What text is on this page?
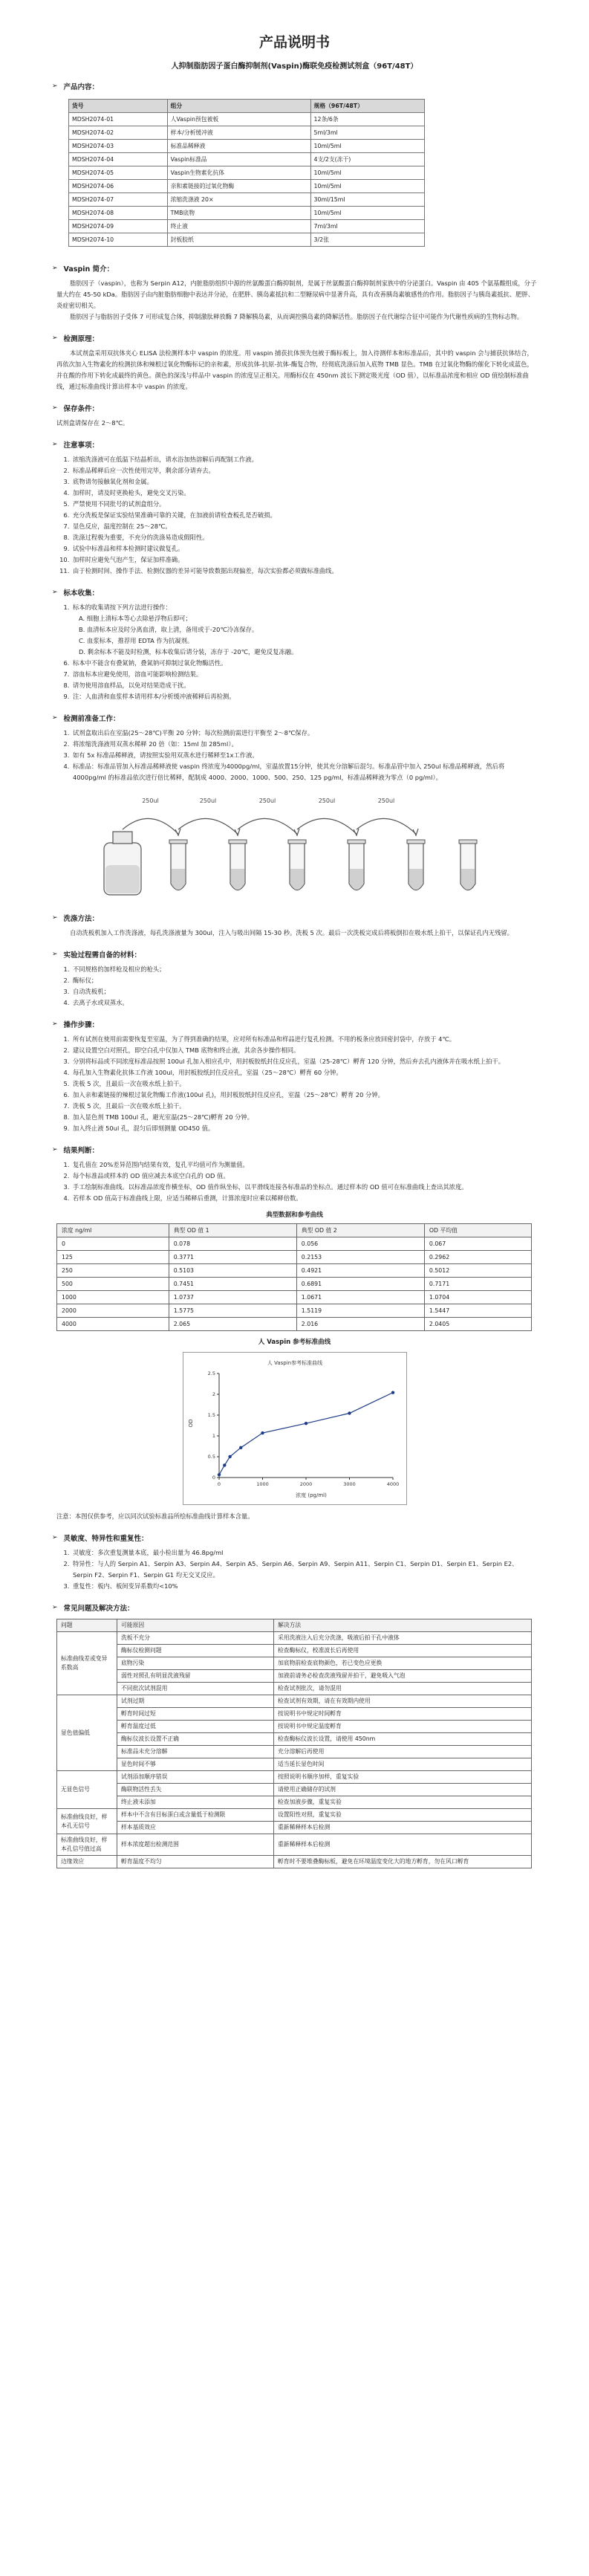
产品说明书
人抑制脂肪因子蛋白酶抑制剂(Vaspin)酶联免疫检测试剂盒（96T/48T）
➢ 产品内容：
货号	组分	规格（96T/48T）
MDSH2074-01	人Vaspin预包被板	12条/6条
MDSH2074-02	样本/分析缓冲液	5ml/3ml
MDSH2074-03	标准品稀释液	10ml/5ml
MDSH2074-04	Vaspin标准品	4支/2支(冻干)
MDSH2074-05	Vaspin生物素化抗体	10ml/5ml
MDSH2074-06	亲和素链接的过氧化物酶	10ml/5ml
MDSH2074-07	浓缩洗涤液 20×	30ml/15ml
MDSH2074-08	TMB底物	10ml/5ml
MDSH2074-09	终止液	7ml/3ml
MDSH2074-10	封板胶纸	3/2张
➢ Vaspin 简介：

脂肪因子（vaspin），也称为 Serpin A12，内脏脂肪组织中源的丝氨酸蛋白酶抑制剂，是属于丝氨酸蛋白酶抑制剂家族中的分泌蛋白。Vaspin 由 405 个氨基酸组成，分子量大约在 45-50 kDa。脂肪因子由内脏脂肪细胞中表达并分泌，在肥胖、胰岛素抵抗和二型糖尿病中显著升高，具有改善胰岛素敏感性的作用。脂肪因子与胰岛素抵抗、肥胖、炎症密切相关。

脂肪因子与脂肪因子受体 7 可形成复合体，抑制激肽释放酶 7 降解胰岛素，从而调控胰岛素的降解活性。脂肪因子在代谢综合征中可能作为代谢性疾病的生物标志物。

➢ 检测原理：

本试剂盒采用双抗体夹心 ELISA 法检测样本中 vaspin 的浓度。用 vaspin 捕获抗体预先包被于酶标板上，加入待测样本和标准品后，其中的 vaspin 会与捕获抗体结合，再依次加入生物素化的检测抗体和辣根过氧化物酶标记的亲和素，形成抗体-抗原-抗体-酶复合物，经彻底洗涤后加入底物 TMB 显色。TMB 在过氧化物酶的催化下转化成蓝色，并在酸的作用下转化成最终的黄色。颜色的深浅与样品中 vaspin 的浓度呈正相关。用酶标仪在 450nm 波长下测定吸光度（OD 值），以标准品浓度和相应 OD 值绘制标准曲线，通过标准曲线计算出样本中 vaspin 的浓度。

➢ 保存条件：

试剂盒请保存在 2～8℃。

➢ 注意事项：
1. 浓缩洗涤液可在低温下结晶析出，请水浴加热溶解后再配制工作液。
2. 标准品稀释后应一次性使用完毕，剩余部分请弃去。
3. 底物请勿接触氧化剂和金属。
4. 加样时，请及时更换枪头，避免交叉污染。
5. 严禁使用不同批号的试剂盒组分。
6. 充分洗板是保证实验结果准确可靠的关键，在加液前请检查板孔是否破损。
7. 显色反应，温度控制在 25～28℃。
8. 洗涤过程极为重要，不充分的洗涤易造成假阳性。
9. 试验中标准品和样本检测时建议做复孔。
10. 加样时应避免气泡产生，保证加样准确。
11. 由于检测时间、操作手法、检测仪器的差异可能导致数据出现偏差，每次实验都必须做标准曲线。
➢ 标本收集：
1. 标本的收集请按下列方法进行操作：
A. 细胞上清标本等心去除悬浮物后即可；
B. 血清标本应及时分离血清，取上清，备用或于-20℃冷冻保存。
C. 血浆标本，推荐用 EDTA 作为抗凝剂。
D. 剩余标本不能及时检测，标本收集后请分装，冻存于 -20℃，避免反复冻融。
6. 标本中不能含有叠氮钠，叠氮钠可抑制过氧化物酶活性。
7. 溶血标本应避免使用，溶血可能影响检测结果。
8. 请勿使用溶血样品，以免对结果造成干扰。
9. 注：人血清和血浆样本请用样本/分析缓冲液稀释后再检测。
➢ 检测前准备工作：
1. 试剂盒取出后在室温(25～28℃)平衡 20 分钟；每次检测前需进行平衡至 2～8℃保存。
2. 将浓缩洗涤液用双蒸水稀释 20 倍（如：15ml 加 285ml）。
3. 如有 5x 标准品稀释液，请按照实验用双蒸水进行稀释至1x工作液。
4. 标准品：标准品管加入标准品稀释液使 vaspin 终浓度为4000pg/ml，室温放置15分钟，使其充分溶解后混匀。标准品管中加入 250ul 标准品稀释液，然后将 4000pg/ml 的标准品依次进行倍比稀释，配制成 4000、2000、1000、500、250、125 pg/ml，标准品稀释液为零点（0 pg/ml）。
250ul	250ul	250ul	250ul	250ul
➢ 洗涤方法：

自动洗板机加入工作洗涤液，每孔洗涤液量为 300ul，注入与吸出间隔 15-30 秒。洗板 5 次。最后一次洗板完成后将板倒扣在吸水纸上拍干，以保证孔内无残留。

➢ 实验过程需自备的材料：
1. 不同规格的加样枪及相应的枪头；
2. 酶标仪；
3. 自动洗板机；
4. 去离子水或双蒸水。
➢ 操作步骤：
1. 所有试剂在使用前需要恢复至室温，为了得到准确的结果，应对所有标准品和样品进行复孔检测。不用的板条应放回密封袋中，存放于 4℃。
2. 建议设置空白对照孔，即空白孔中仅加入 TMB 底物和终止液，其余各步操作相同。
3. 分别将标品或不同浓度标准品按照 100ul 孔加入相应孔中，用封板胶纸封住反应孔，室温（25-28℃）孵育 120 分钟，然后弃去孔内液体并在吸水纸上拍干。
4. 每孔加入生物素化抗体工作液 100ul，用封板胶纸封住反应孔，室温（25～28℃）孵育 60 分钟。
5. 洗板 5 次，且最后一次在吸水纸上拍干。
6. 加入亲和素链接的辣根过氧化物酶工作液(100ul 孔)，用封板胶纸封住反应孔，室温（25～28℃）孵育 20 分钟。
7. 洗板 5 次，且最后一次在吸水纸上拍干。
8. 加入显色剂 TMB 100ul 孔，避光室温(25～28℃)孵育 20 分钟。
9. 加入终止液 50ul 孔，混匀后即刻测量 OD450 值。
➢ 结果判断：
1. 复孔值在 20%差异范围内结果有效，复孔平均值可作为测量值。
2. 每个标准品或样本的 OD 值应减去本底空白孔的 OD 值。
3. 手工绘制标准曲线。以标准品浓度作横坐标，OD 值作纵坐标，以平滑线连接各标准品的坐标点。通过样本的 OD 值可在标准曲线上查出其浓度。
4. 若样本 OD 值高于标准曲线上限，应适当稀释后重测，计算浓度时应乘以稀释倍数。
典型数据和参考曲线
浓度 ng/ml	典型 OD 值 1	典型 OD 值 2	OD 平均值
0	0.078	0.056	0.067
125	0.3771	0.2153	0.2962
250	0.5103	0.4921	0.5012
500	0.7451	0.6891	0.7171
1000	1.0737	1.0671	1.0704
2000	1.5775	1.5119	1.5447
4000	2.065	2.016	2.0405
人 Vaspin 参考标准曲线
人 Vaspin参考标准曲线
浓度 (pg/ml)
OD
0	1000	2000	3000	4000
0
0.5
1
1.5
2
2.5

注意：本图仅供参考，应以同次试验标准品所绘标准曲线计算样本含量。

➢ 灵敏度、特异性和重复性：
1. 灵敏度：多次重复测量本底，最小检出量为 46.8pg/ml
2. 特异性：与人的 Serpin A1、Serpin A3、Serpin A4、Serpin A5、Serpin A6、Serpin A9、Serpin A11、Serpin C1、Serpin D1、Serpin E1、Serpin E2、Serpin F2、Serpin F1、Serpin G1 均无交叉反应。
3. 重复性：板内、板间变异系数均<10%
➢ 常见问题及解决方法：
问题	可能原因	解决方法
标准曲线差或变异系数高	洗板不充分	采用洗液注入后充分洗涤，吸液后拍干孔中液体
	酶标仪检测问题	检查酶标仪，校准波长后再使用
	底物污染	加底物前检查底物颜色，若已变色应更换
	弱性对照孔有明显洗液残留	加液前请务必检查洗液残留并拍干，避免吸入气泡
	不同批次试剂混用	检查试剂批次，请勿混用
显色值偏低	试剂过期	检查试剂有效期，请在有效期内使用
	孵育时间过短	按说明书中规定时间孵育
	孵育温度过低	按说明书中规定温度孵育
	酶标仪波长设置不正确	检查酶标仪波长设置，请使用 450nm
	标准品未充分溶解	充分溶解后再使用
	显色时间不够	适当延长显色时间
无显色信号	试剂添加顺序错误	按照说明书顺序加样，重复实验
	酶联物活性丢失	请使用正确储存的试剂
	终止液未添加	检查加液步骤，重复实验
标准曲线良好，样本孔无信号	样本中不含有目标蛋白或含量低于检测限	设置阳性对照，重复实验
	样本基质效应	重新稀释样本后检测
标准曲线良好，样本孔信号值过高	样本浓度超出检测范围	重新稀释样本后检测
边缘效应	孵育温度不均匀	孵育时不要堆叠酶标板，避免在环境温度变化大的地方孵育，勿在风口孵育
